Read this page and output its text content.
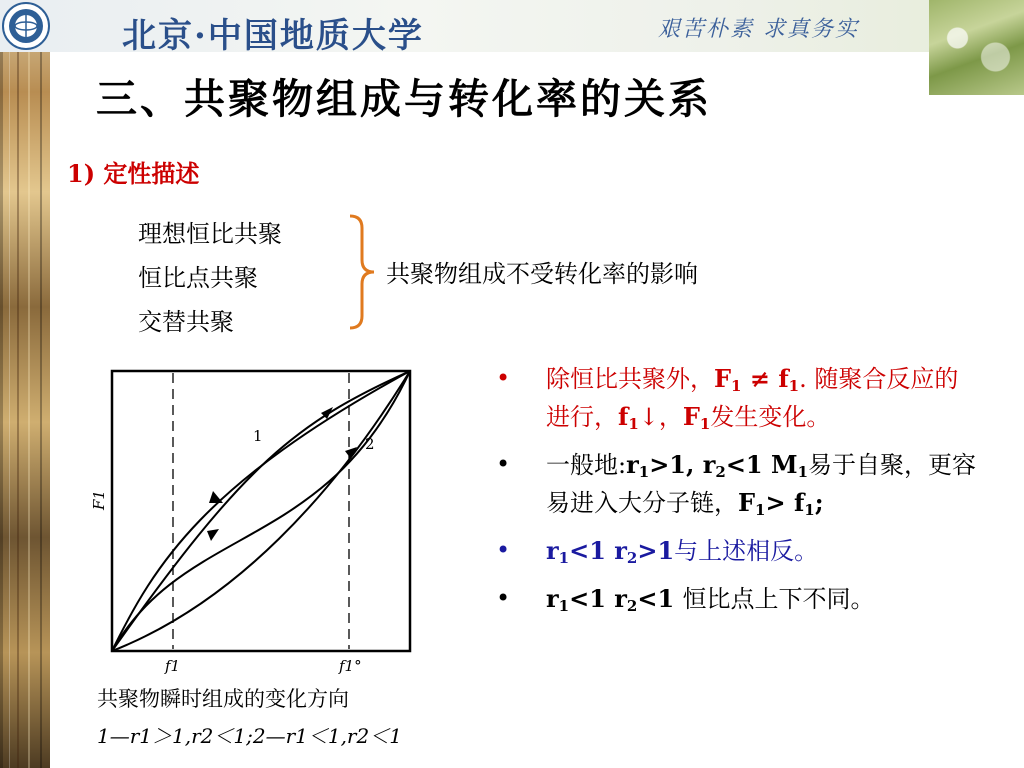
北京·中国地质大学	艰苦朴素 求真务实
三、共聚物组成与转化率的关系
1) 定性描述
理想恒比共聚
恒比点共聚
交替共聚
共聚物组成不受转化率的影响
1	2
F1
f1	f1°
共聚物瞬时组成的变化方向
1—r1＞1,r2＜1;2—r1＜1,r2＜1
• 除恒比共聚外，$F_1 \ne f_1$. 随聚合反应的进行，$f_1↓$，$F_1$发生变化。
• 一般地$:r_1>1$, $r_2<1$ $M_1$易于自聚，更容易进入大分子链，$F_1> f_1$;
• $r_1<1$ $r_2>1$与上述相反。
• $r_1<1$ $r_2<1$ 恒比点上下不同。
